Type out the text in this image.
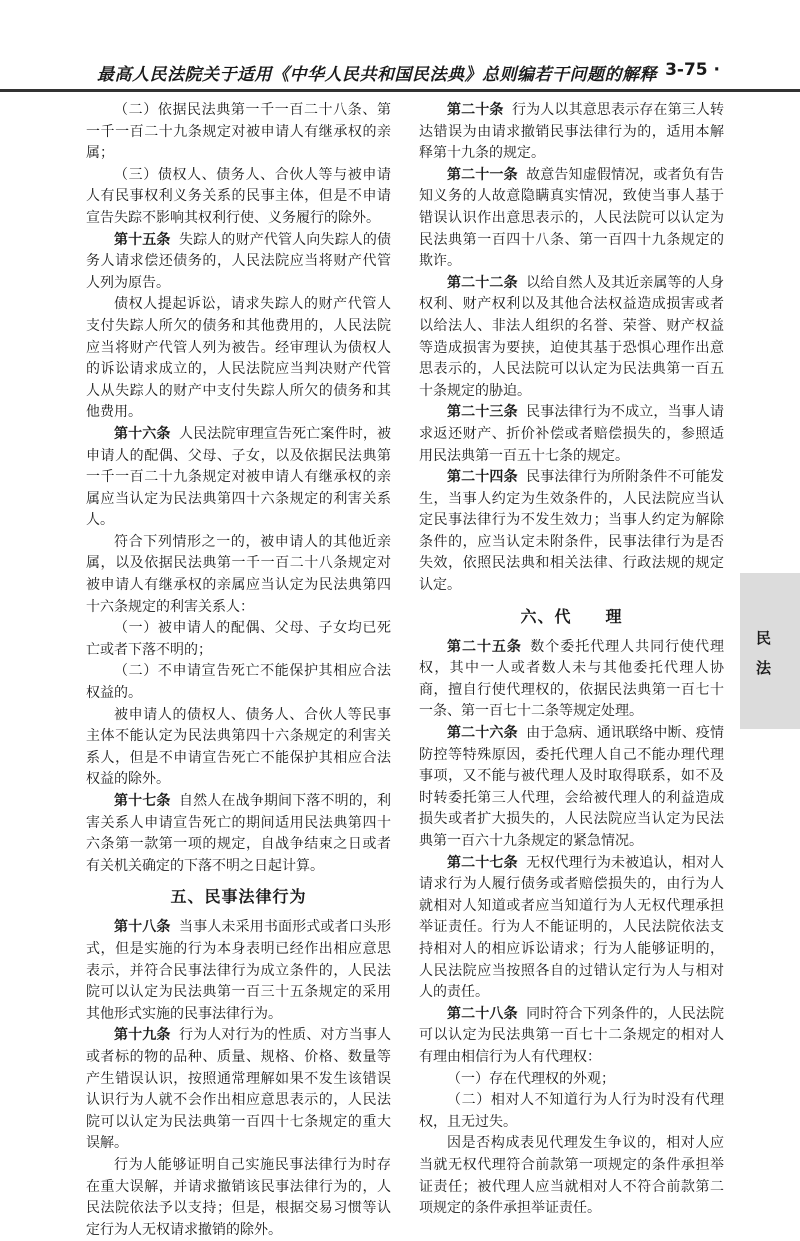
最高人民法院关于适用《中华人民共和国民法典》总则编若干问题的解释 3-75 ·

（二）依据民法典第一千一百二十八条、第一千一百二十九条规定对被申请人有继承权的亲属；

（三）债权人、债务人、合伙人等与被申请人有民事权利义务关系的民事主体，但是不申请宣告失踪不影响其权利行使、义务履行的除外。

第十五条 失踪人的财产代管人向失踪人的债务人请求偿还债务的，人民法院应当将财产代管人列为原告。

债权人提起诉讼，请求失踪人的财产代管人支付失踪人所欠的债务和其他费用的，人民法院应当将财产代管人列为被告。经审理认为债权人的诉讼请求成立的，人民法院应当判决财产代管人从失踪人的财产中支付失踪人所欠的债务和其他费用。

第十六条 人民法院审理宣告死亡案件时，被申请人的配偶、父母、子女，以及依据民法典第一千一百二十九条规定对被申请人有继承权的亲属应当认定为民法典第四十六条规定的利害关系人。

符合下列情形之一的，被申请人的其他近亲属，以及依据民法典第一千一百二十八条规定对被申请人有继承权的亲属应当认定为民法典第四十六条规定的利害关系人：

（一）被申请人的配偶、父母、子女均已死亡或者下落不明的；

（二）不申请宣告死亡不能保护其相应合法权益的。

被申请人的债权人、债务人、合伙人等民事主体不能认定为民法典第四十六条规定的利害关系人，但是不申请宣告死亡不能保护其相应合法权益的除外。

第十七条 自然人在战争期间下落不明的，利害关系人申请宣告死亡的期间适用民法典第四十六条第一款第一项的规定，自战争结束之日或者有关机关确定的下落不明之日起计算。

五、民事法律行为

第十八条 当事人未采用书面形式或者口头形式，但是实施的行为本身表明已经作出相应意思表示，并符合民事法律行为成立条件的，人民法院可以认定为民法典第一百三十五条规定的采用其他形式实施的民事法律行为。

第十九条 行为人对行为的性质、对方当事人或者标的物的品种、质量、规格、价格、数量等产生错误认识，按照通常理解如果不发生该错误认识行为人就不会作出相应意思表示的，人民法院可以认定为民法典第一百四十七条规定的重大误解。

行为人能够证明自己实施民事法律行为时存在重大误解，并请求撤销该民事法律行为的，人民法院依法予以支持；但是，根据交易习惯等认定行为人无权请求撤销的除外。

第二十条 行为人以其意思表示存在第三人转达错误为由请求撤销民事法律行为的，适用本解释第十九条的规定。

第二十一条 故意告知虚假情况，或者负有告知义务的人故意隐瞒真实情况，致使当事人基于错误认识作出意思表示的，人民法院可以认定为民法典第一百四十八条、第一百四十九条规定的欺诈。

第二十二条 以给自然人及其近亲属等的人身权利、财产权利以及其他合法权益造成损害或者以给法人、非法人组织的名誉、荣誉、财产权益等造成损害为要挟，迫使其基于恐惧心理作出意思表示的，人民法院可以认定为民法典第一百五十条规定的胁迫。

第二十三条 民事法律行为不成立，当事人请求返还财产、折价补偿或者赔偿损失的，参照适用民法典第一百五十七条的规定。

第二十四条 民事法律行为所附条件不可能发生，当事人约定为生效条件的，人民法院应当认定民事法律行为不发生效力；当事人约定为解除条件的，应当认定未附条件，民事法律行为是否失效，依照民法典和相关法律、行政法规的规定认定。

六、代　　理

第二十五条 数个委托代理人共同行使代理权，其中一人或者数人未与其他委托代理人协商，擅自行使代理权的，依据民法典第一百七十一条、第一百七十二条等规定处理。

第二十六条 由于急病、通讯联络中断、疫情防控等特殊原因，委托代理人自己不能办理代理事项，又不能与被代理人及时取得联系，如不及时转委托第三人代理，会给被代理人的利益造成损失或者扩大损失的，人民法院应当认定为民法典第一百六十九条规定的紧急情况。

第二十七条 无权代理行为未被追认，相对人请求行为人履行债务或者赔偿损失的，由行为人就相对人知道或者应当知道行为人无权代理承担举证责任。行为人不能证明的，人民法院依法支持相对人的相应诉讼请求；行为人能够证明的，人民法院应当按照各自的过错认定行为人与相对人的责任。

第二十八条 同时符合下列条件的，人民法院可以认定为民法典第一百七十二条规定的相对人有理由相信行为人有代理权：

（一）存在代理权的外观；

（二）相对人不知道行为人行为时没有代理权，且无过失。

因是否构成表见代理发生争议的，相对人应当就无权代理符合前款第一项规定的条件承担举证责任；被代理人应当就相对人不符合前款第二项规定的条件承担举证责任。

民
法
